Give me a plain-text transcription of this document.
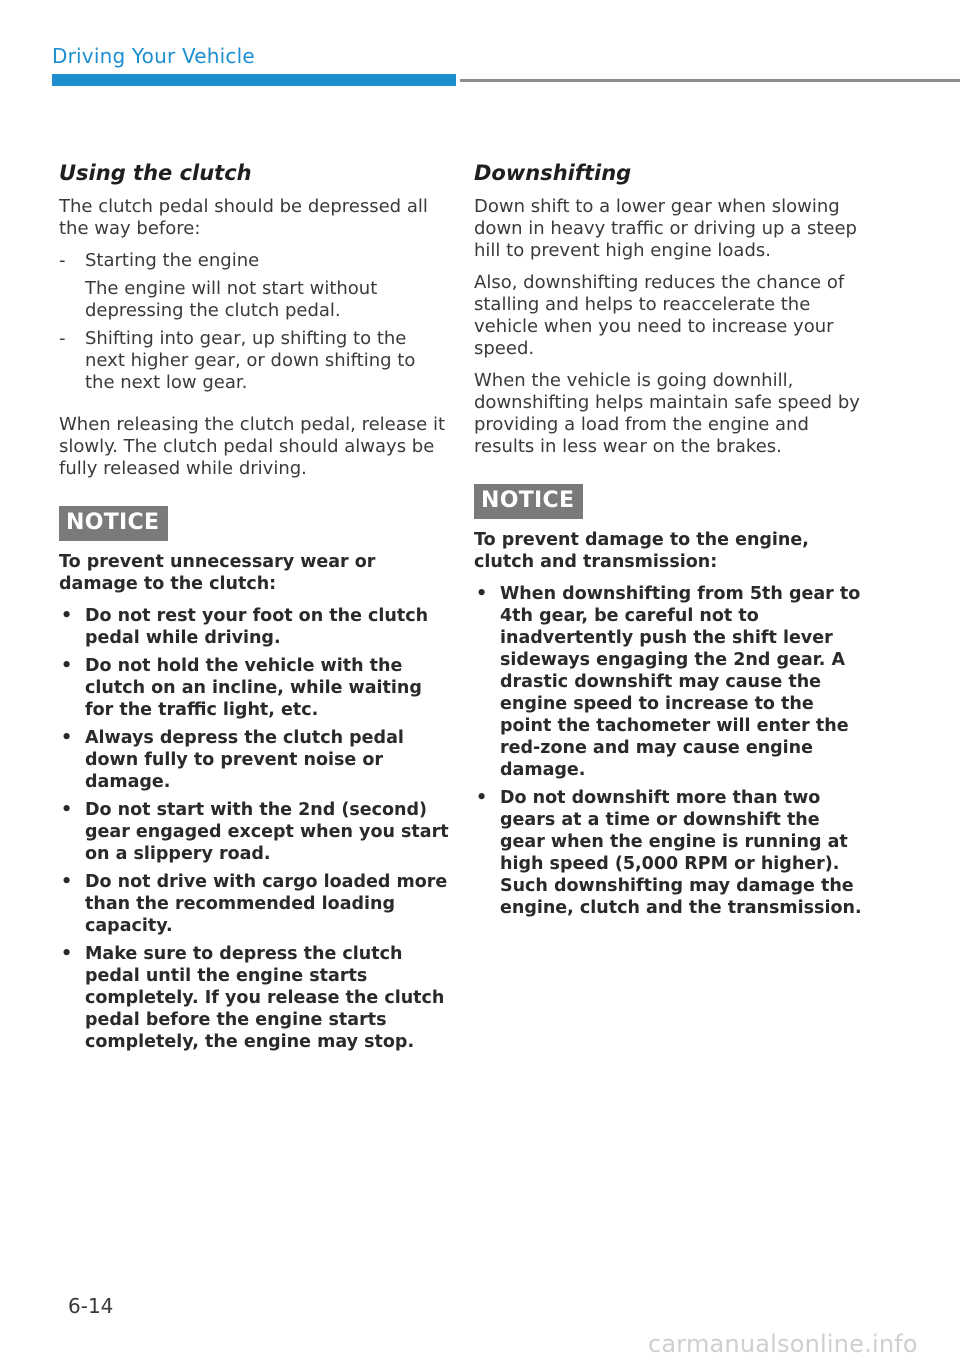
Driving Your Vehicle
Using the clutch

The clutch pedal should be depressed all the way before:

- Starting the engine
The engine will not start without depressing the clutch pedal.
- Shifting into gear, up shifting to the next higher gear, or down shifting to the next low gear.

When releasing the clutch pedal, release it slowly. The clutch pedal should always be fully released while driving.

NOTICE
To prevent unnecessary wear or damage to the clutch:
• Do not rest your foot on the clutch pedal while driving.
• Do not hold the vehicle with the clutch on an incline, while waiting for the traffic light, etc.
• Always depress the clutch pedal down fully to prevent noise or damage.
• Do not start with the 2nd (second) gear engaged except when you start on a slippery road.
• Do not drive with cargo loaded more than the recommended loading capacity.
• Make sure to depress the clutch pedal until the engine starts completely. If you release the clutch pedal before the engine starts completely, the engine may stop.
Downshifting

Down shift to a lower gear when slowing down in heavy traffic or driving up a steep hill to prevent high engine loads.

Also, downshifting reduces the chance of stalling and helps to reaccelerate the vehicle when you need to increase your speed.

When the vehicle is going downhill, downshifting helps maintain safe speed by providing a load from the engine and results in less wear on the brakes.

NOTICE
To prevent damage to the engine, clutch and transmission:
• When downshifting from 5th gear to 4th gear, be careful not to inadvertently push the shift lever sideways engaging the 2nd gear. A drastic downshift may cause the engine speed to increase to the point the tachometer will enter the red-zone and may cause engine damage.
• Do not downshift more than two gears at a time or downshift the gear when the engine is running at high speed (5,000 RPM or higher). Such downshifting may damage the engine, clutch and the transmission.
6-14
carmanualsonline.info
